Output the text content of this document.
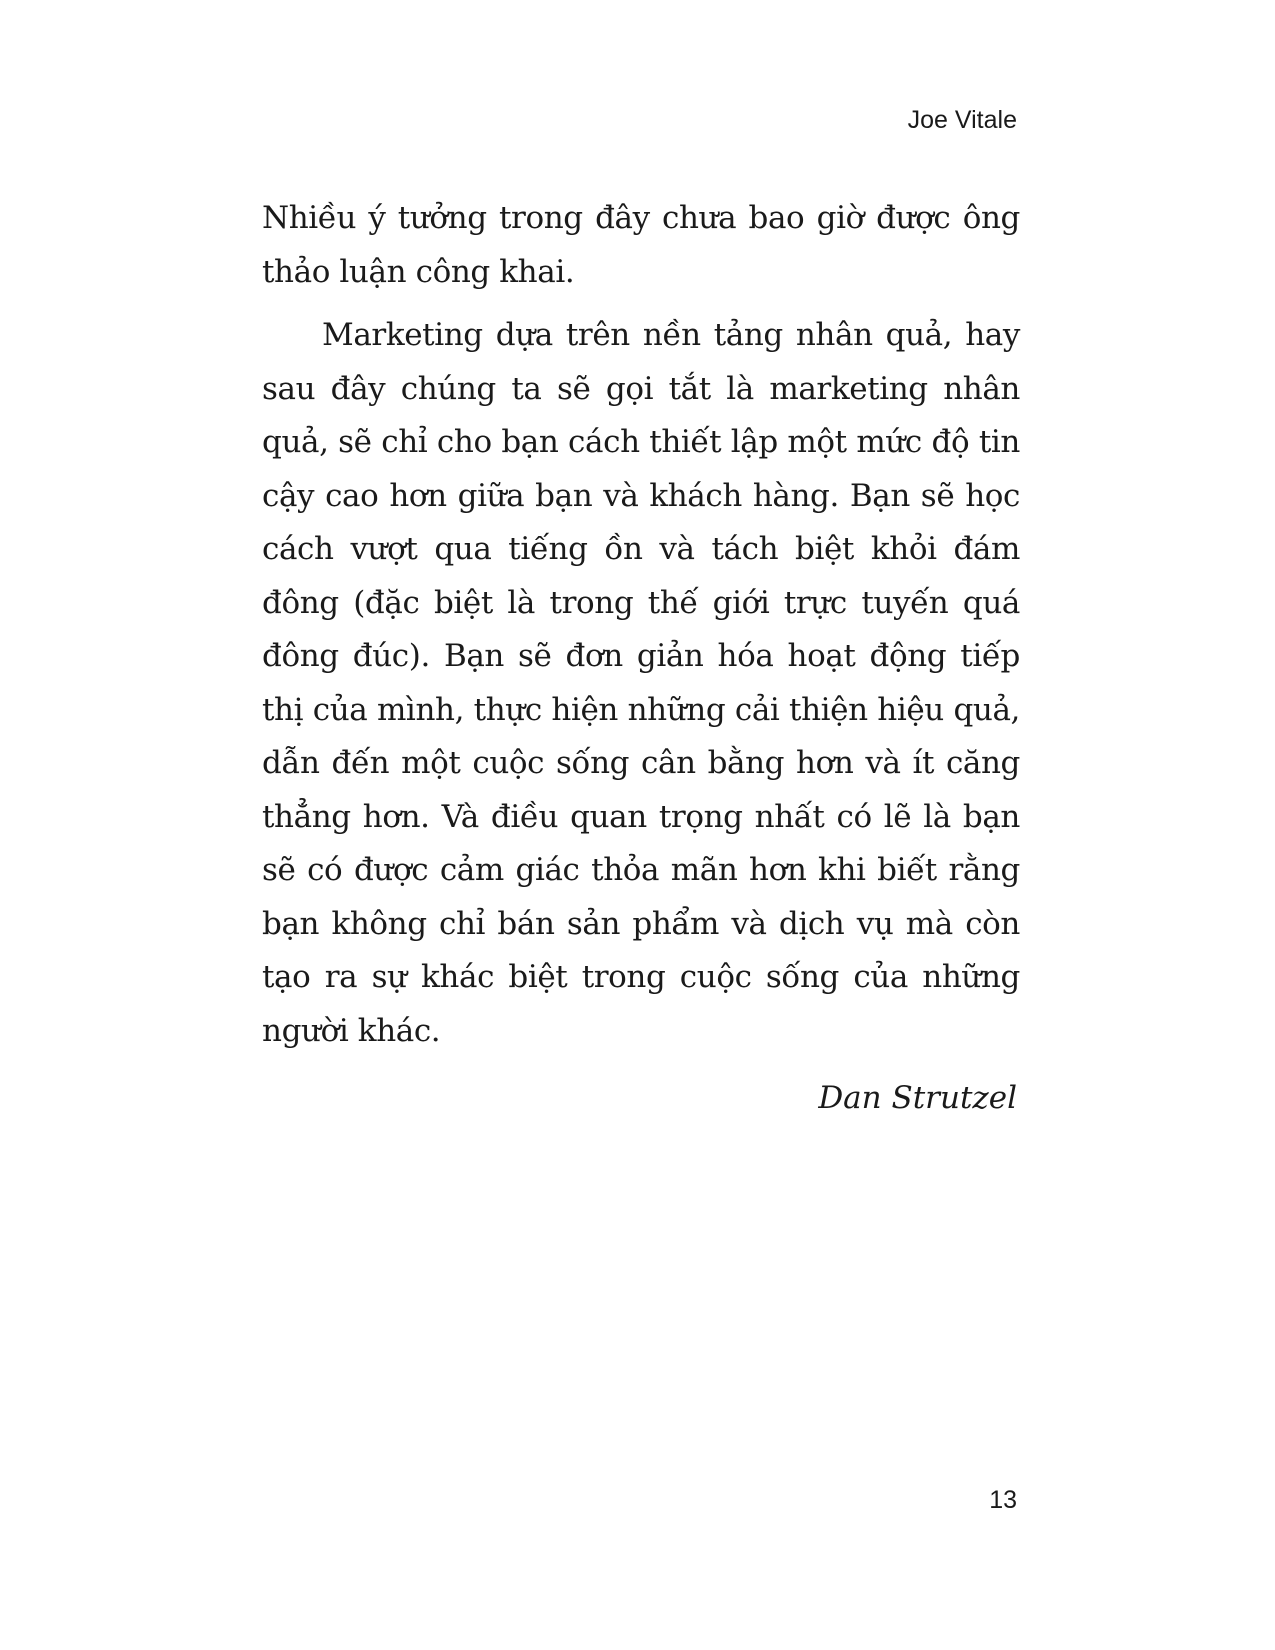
Joe Vitale

Nhiều ý tưởng trong đây chưa bao giờ được ông thảo luận công khai.

Marketing dựa trên nền tảng nhân quả, hay sau đây chúng ta sẽ gọi tắt là marketing nhân quả, sẽ chỉ cho bạn cách thiết lập một mức độ tin cậy cao hơn giữa bạn và khách hàng. Bạn sẽ học cách vượt qua tiếng ồn và tách biệt khỏi đám đông (đặc biệt là trong thế giới trực tuyến quá đông đúc). Bạn sẽ đơn giản hóa hoạt động tiếp thị của mình, thực hiện những cải thiện hiệu quả, dẫn đến một cuộc sống cân bằng hơn và ít căng thẳng hơn. Và điều quan trọng nhất có lẽ là bạn sẽ có được cảm giác thỏa mãn hơn khi biết rằng bạn không chỉ bán sản phẩm và dịch vụ mà còn tạo ra sự khác biệt trong cuộc sống của những người khác.

Dan Strutzel

13
